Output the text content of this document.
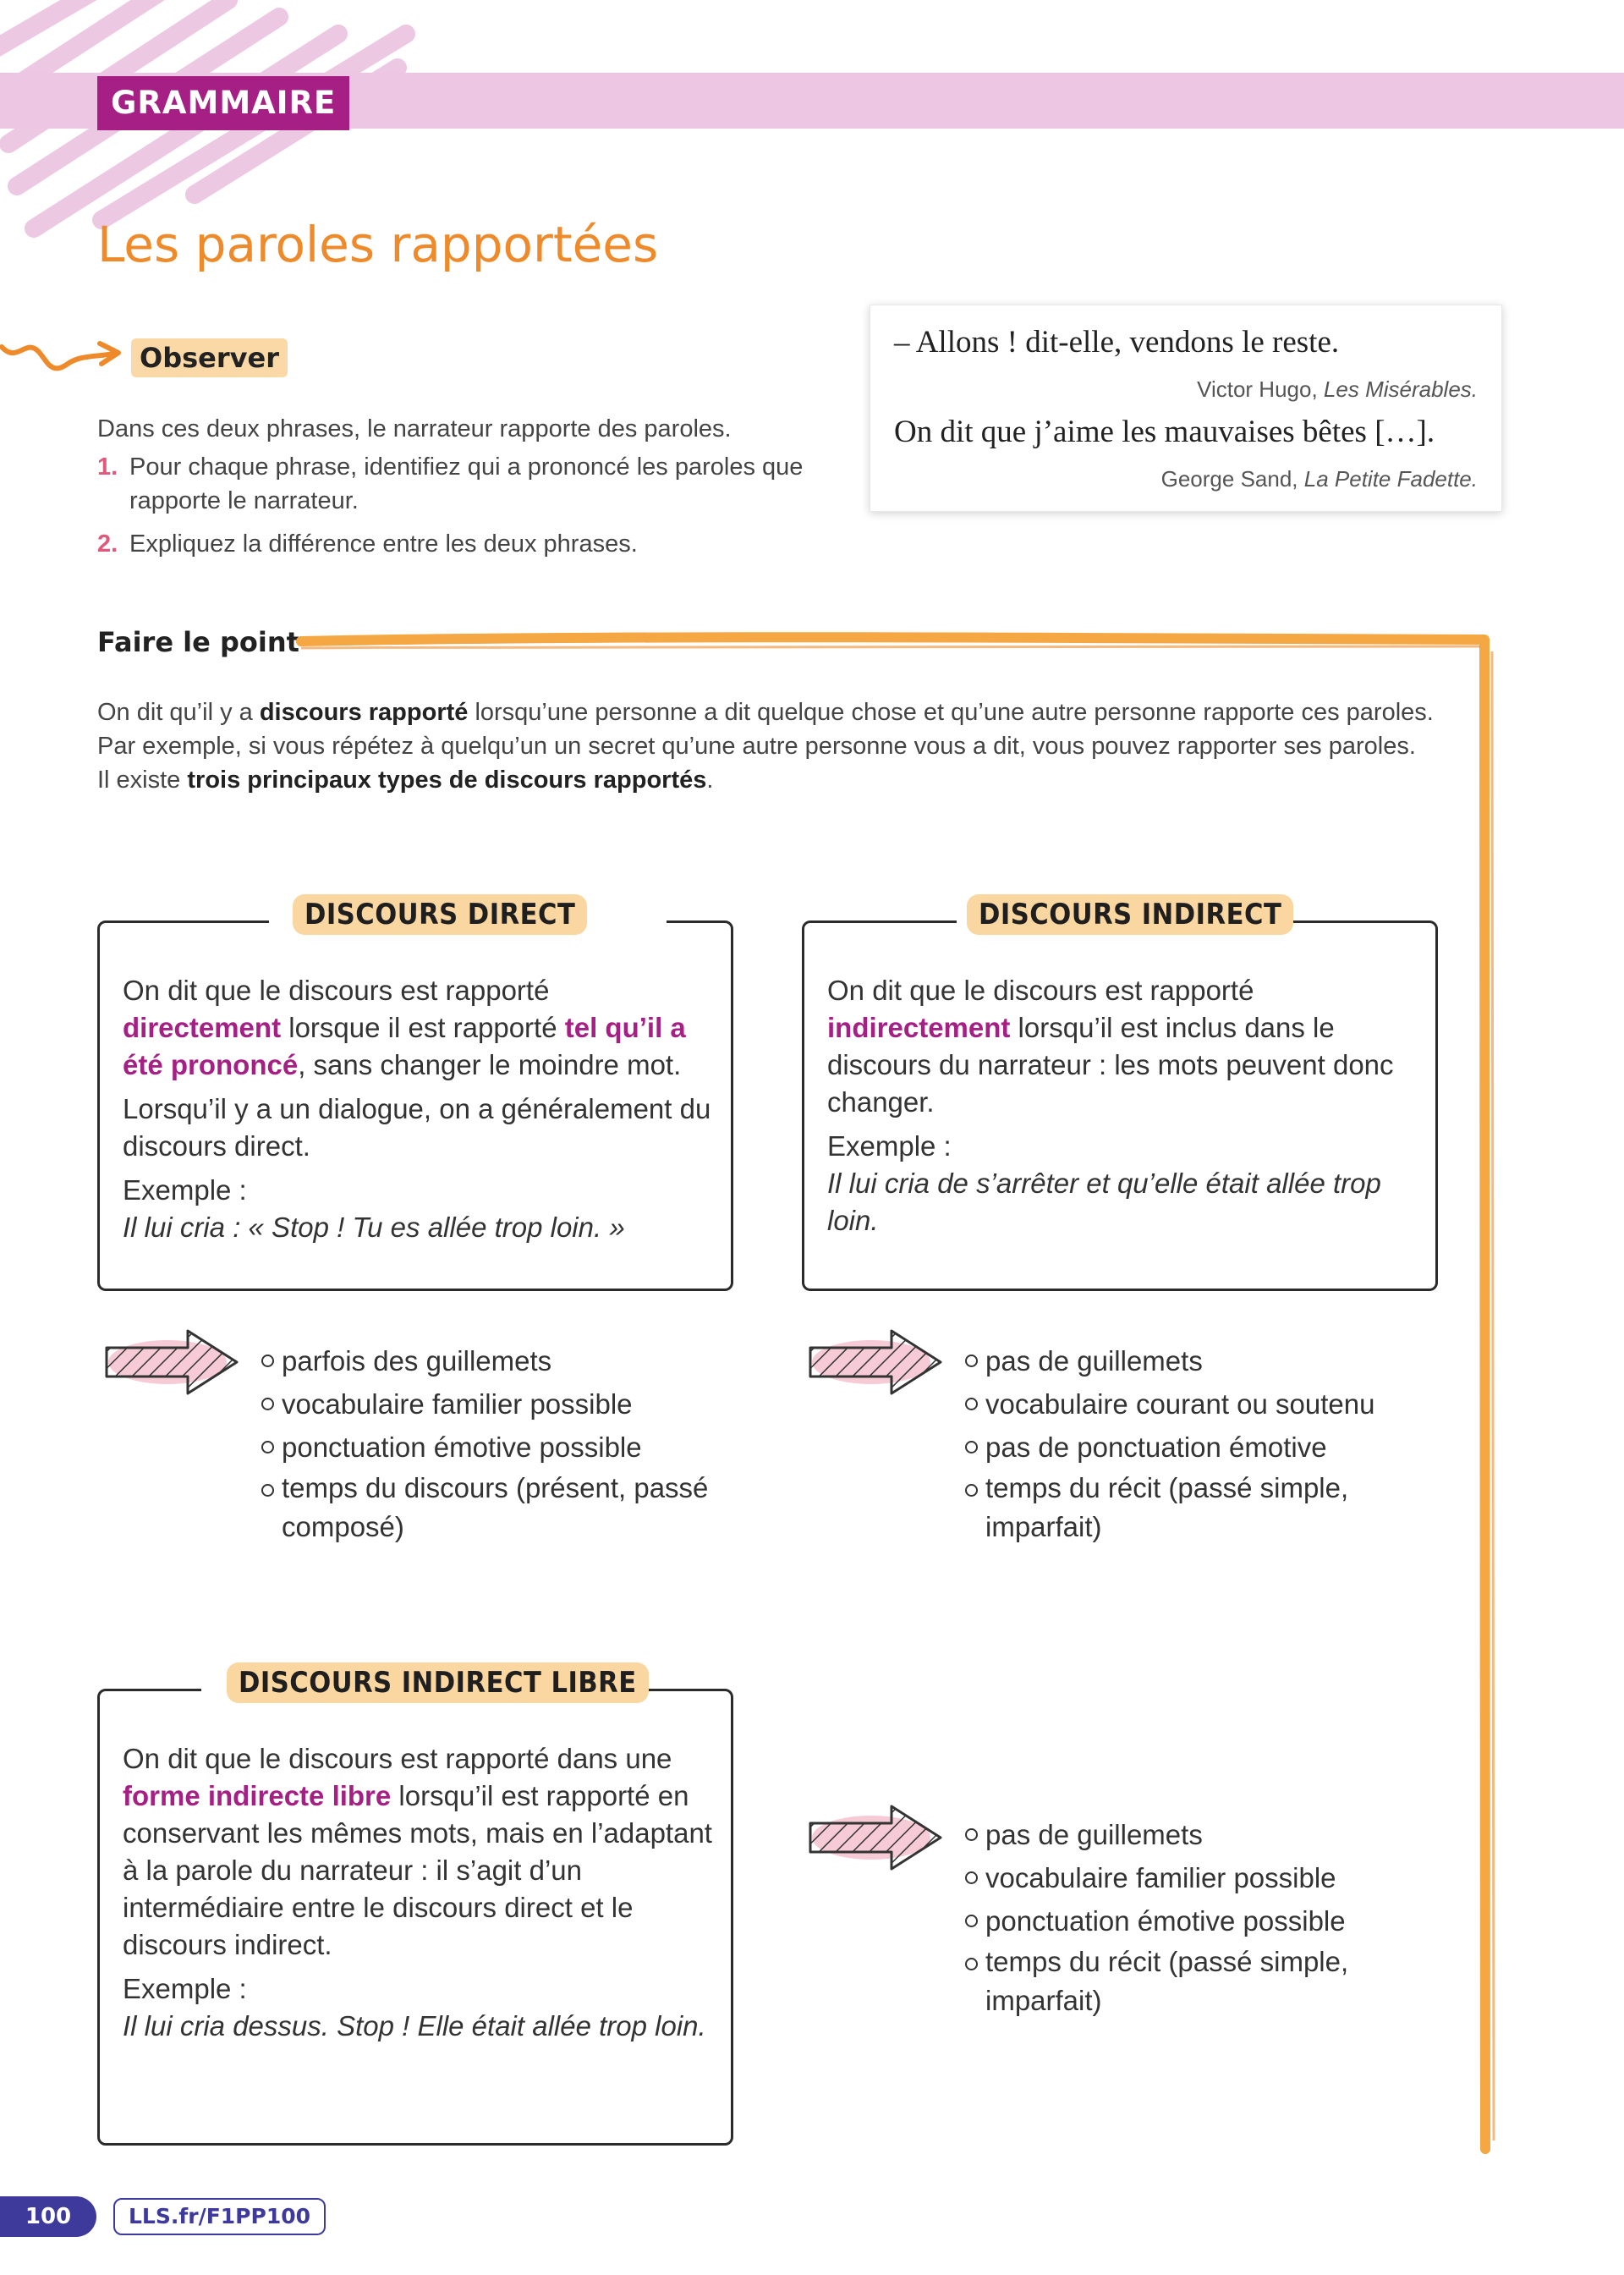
GRAMMAIRE
Les paroles rapportées
Observer

Dans ces deux phrases, le narrateur rapporte des paroles.

1. Pour chaque phrase, identifiez qui a prononcé les paroles que rapporte le narrateur.
2. Expliquez la différence entre les deux phrases.
– Allons ! dit-elle, vendons le reste.
Victor Hugo, Les Misérables.
On dit que j’aime les mauvaises bêtes […].
George Sand, La Petite Fadette.
Faire le point

On dit qu’il y a discours rapporté lorsqu’une personne a dit quelque chose et qu’une autre personne rapporte ces paroles. Par exemple, si vous répétez à quelqu’un un secret qu’une autre personne vous a dit, vous pouvez rapporter ses paroles.

Il existe trois principaux types de discours rapportés.

DISCOURS DIRECT

On dit que le discours est rapporté directement lorsque il est rapporté tel qu’il a été prononcé, sans changer le moindre mot.

Lorsqu’il y a un dialogue, on a généralement du discours direct.

Exemple :
Il lui cria : « Stop ! Tu es allée trop loin. »

DISCOURS INDIRECT

On dit que le discours est rapporté indirectement lorsqu’il est inclus dans le discours du narrateur : les mots peuvent donc changer.

Exemple :
Il lui cria de s’arrêter et qu’elle était allée trop loin.

parfois des guillemets
vocabulaire familier possible
ponctuation émotive possible
temps du discours (présent, passé composé)
pas de guillemets
vocabulaire courant ou soutenu
pas de ponctuation émotive
temps du récit (passé simple, imparfait)
DISCOURS INDIRECT LIBRE

On dit que le discours est rapporté dans une forme indirecte libre lorsqu’il est rapporté en conservant les mêmes mots, mais en l’adaptant à la parole du narrateur : il s’agit d’un intermédiaire entre le discours direct et le discours indirect.

Exemple :
Il lui cria dessus. Stop ! Elle était allée trop loin.

pas de guillemets
vocabulaire familier possible
ponctuation émotive possible
temps du récit (passé simple, imparfait)
100	LLS.fr/F1PP100
